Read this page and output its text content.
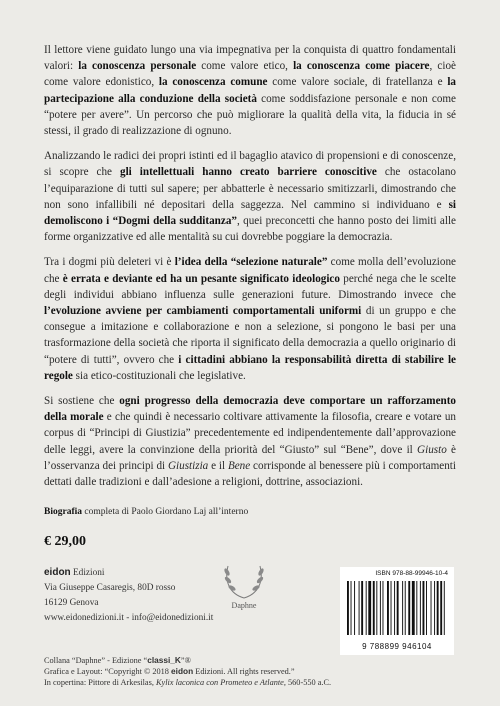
Il lettore viene guidato lungo una via impegnativa per la conquista di quattro fondamentali valori: la conoscenza personale come valore etico, la conoscenza come piacere, cioè come valore edonistico, la conoscenza comune come valore sociale, di fratellanza e la partecipazione alla conduzione della società come soddisfazione personale e non come “potere per avere”. Un percorso che può migliorare la qualità della vita, la fiducia in sé stessi, il grado di realizzazione di ognuno.

Analizzando le radici dei propri istinti ed il bagaglio atavico di propensioni e di conoscenze, si scopre che gli intellettuali hanno creato barriere conoscitive che ostacolano l’equiparazione di tutti sul sapere; per abbatterle è necessario smitizzarli, dimostrando che non sono infallibili né depositari della saggezza. Nel cammino si individuano e si demoliscono i “Dogmi della sudditanza”, quei preconcetti che hanno posto dei limiti alle forme organizzative ed alle mentalità su cui dovrebbe poggiare la democrazia.

Tra i dogmi più deleteri vi è l’idea della “selezione naturale” come molla dell’evoluzione che è errata e deviante ed ha un pesante significato ideologico perché nega che le scelte degli individui abbiano influenza sulle generazioni future. Dimostrando invece che l’evoluzione avviene per cambiamenti comportamentali uniformi di un gruppo e che consegue a imitazione e collaborazione e non a selezione, si pongono le basi per una trasformazione della società che riporta il significato della democrazia a quello originario di “potere di tutti”, ovvero che i cittadini abbiano la responsabilità diretta di stabilire le regole sia etico-costituzionali che legislative.

Si sostiene che ogni progresso della democrazia deve comportare un rafforzamento della morale e che quindi è necessario coltivare attivamente la filosofia, creare e votare un corpus di “Principi di Giustizia” precedentemente ed indipendentemente dall’approvazione delle leggi, avere la convinzione della priorità del “Giusto” sul “Bene”, dove il Giusto è l’osservanza dei principi di Giustizia e il Bene corrisponde al benessere più i comportamenti dettati dalle tradizioni e dall’adesione a religioni, dottrine, associazioni.

Biografia completa di Paolo Giordano Laj all’interno
€ 29,00
eidon Edizioni
Via Giuseppe Casaregis, 80D rosso
16129 Genova
www.eidonedizioni.it - info@eidonedizioni.it
Daphne
ISBN 978-88-99946-10-4
9 788899 946104
Collana “Daphne” - Edizione “classi_K”®
Grafica e Layout: “Copyright © 2018 eidon Edizioni. All rights reserved.”
In copertina: Pittore di Arkesilas, Kylix laconica con Prometeo e Atlante, 560-550 a.C.
